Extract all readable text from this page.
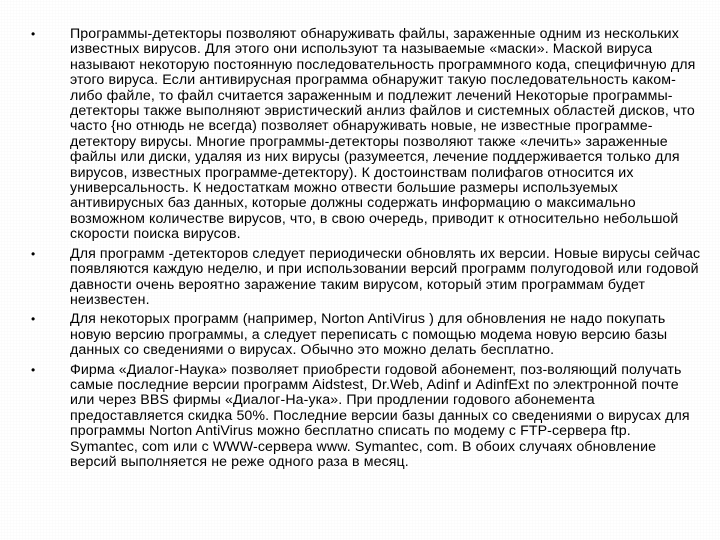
•	Программы-детекторы позволяют обнаруживать файлы, зараженные одним из нескольких известных вирусов. Для этого они используют та называемые «маски». Маской вируса называют некоторую постоянную последовательность программного кода, специфичную для этого вируса. Если антивирусная программа обнаружит такую последовательность каком-либо файле, то файл считается зараженным и подлежит лечений Некоторые программы-детекторы также выполняют эвристический анлиз файлов и системных областей дисков, что часто {но отнюдь не всегда) позволяет обнаруживать новые, не известные программе-детектору вирусы. Многие программы-детекторы позволяют также «лечить» зараженные файлы или диски, удаляя из них вирусы (разумеется, лечение поддерживается только для вирусов, известных программе-детектору). К достоинствам полифагов относится их универсальность. К недостаткам можно отвести большие размеры используемых антивирусных баз данных, которые должны содержать информацию о максимально возможном количестве вирусов, что, в свою очередь, приводит к относительно небольшой скорости поиска вирусов.
•	Для программ -детекторов следует периодически обновлять их версии. Новые вирусы сейчас появляются каждую неделю, и при использовании версий программ полугодовой или годовой давности очень вероятно заражение таким вирусом, который этим программам будет неизвестен.
•	Для некоторых программ (например, Norton AntiVirus ) для обновления не надо покупать новую версию программы, а следует переписать с помощью модема новую версию базы данных со сведениями о вирусах. Обычно это можно делать бесплатно.
•	Фирма «Диалог-Наука» позволяет приобрести годовой абонемент, поз-воляющий получать самые последние версии программ Aidstest, Dr.Web, Adinf и AdinfExt по электронной почте или через BBS фирмы «Диалог-На-ука». При продлении годового абонемента предоставляется скидка 50%. Последние версии базы данных со сведениями о вирусах для программы Norton AntiVirus можно бесплатно списать по модему с FTP-сервера ftp. Symantec, com или с WWW-сервера www. Symantec, com. В обоих случаях обновление версий выполняется не реже одного раза в месяц.
